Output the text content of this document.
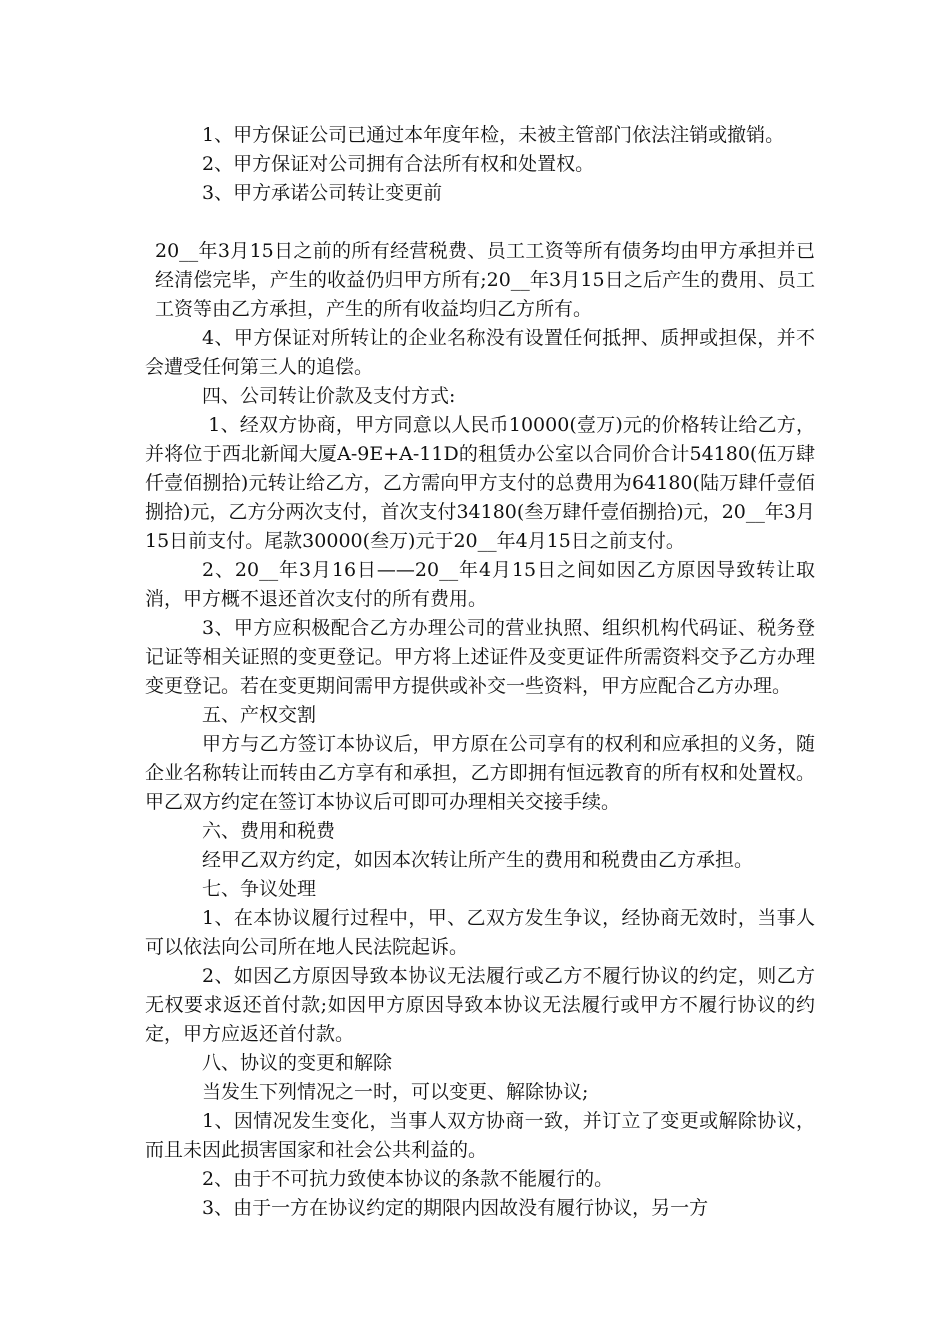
1、甲方保证公司已通过本年度年检，未被主管部门依法注销或撤销。

2、甲方保证对公司拥有合法所有权和处置权。

3、甲方承诺公司转让变更前

20__年3月15日之前的所有经营税费、员工工资等所有债务均由甲方承担并已经清偿完毕，产生的收益仍归甲方所有;20__年3月15日之后产生的费用、员工工资等由乙方承担，产生的所有收益均归乙方所有。

4、甲方保证对所转让的企业名称没有设置任何抵押、质押或担保，并不会遭受任何第三人的追偿。

四、公司转让价款及支付方式:

1、经双方协商，甲方同意以人民币10000(壹万)元的价格转让给乙方，并将位于西北新闻大厦A-9E+A-11D的租赁办公室以合同价合计54180(伍万肆仟壹佰捌拾)元转让给乙方，乙方需向甲方支付的总费用为64180(陆万肆仟壹佰捌拾)元，乙方分两次支付，首次支付34180(叁万肆仟壹佰捌拾)元，20__年3月15日前支付。尾款30000(叁万)元于20__年4月15日之前支付。

2、20__年3月16日——20__年4月15日之间如因乙方原因导致转让取消，甲方概不退还首次支付的所有费用。

3、甲方应积极配合乙方办理公司的营业执照、组织机构代码证、税务登记证等相关证照的变更登记。甲方将上述证件及变更证件所需资料交予乙方办理变更登记。若在变更期间需甲方提供或补交一些资料，甲方应配合乙方办理。

五、产权交割

甲方与乙方签订本协议后，甲方原在公司享有的权利和应承担的义务，随企业名称转让而转由乙方享有和承担，乙方即拥有恒远教育的所有权和处置权。甲乙双方约定在签订本协议后可即可办理相关交接手续。

六、费用和税费

经甲乙双方约定，如因本次转让所产生的费用和税费由乙方承担。

七、争议处理

1、在本协议履行过程中，甲、乙双方发生争议，经协商无效时，当事人可以依法向公司所在地人民法院起诉。

2、如因乙方原因导致本协议无法履行或乙方不履行协议的约定，则乙方无权要求返还首付款;如因甲方原因导致本协议无法履行或甲方不履行协议的约定，甲方应返还首付款。

八、协议的变更和解除

当发生下列情况之一时，可以变更、解除协议;

1、因情况发生变化，当事人双方协商一致，并订立了变更或解除协议，而且未因此损害国家和社会公共利益的。

2、由于不可抗力致使本协议的条款不能履行的。

3、由于一方在协议约定的期限内因故没有履行协议，另一方
